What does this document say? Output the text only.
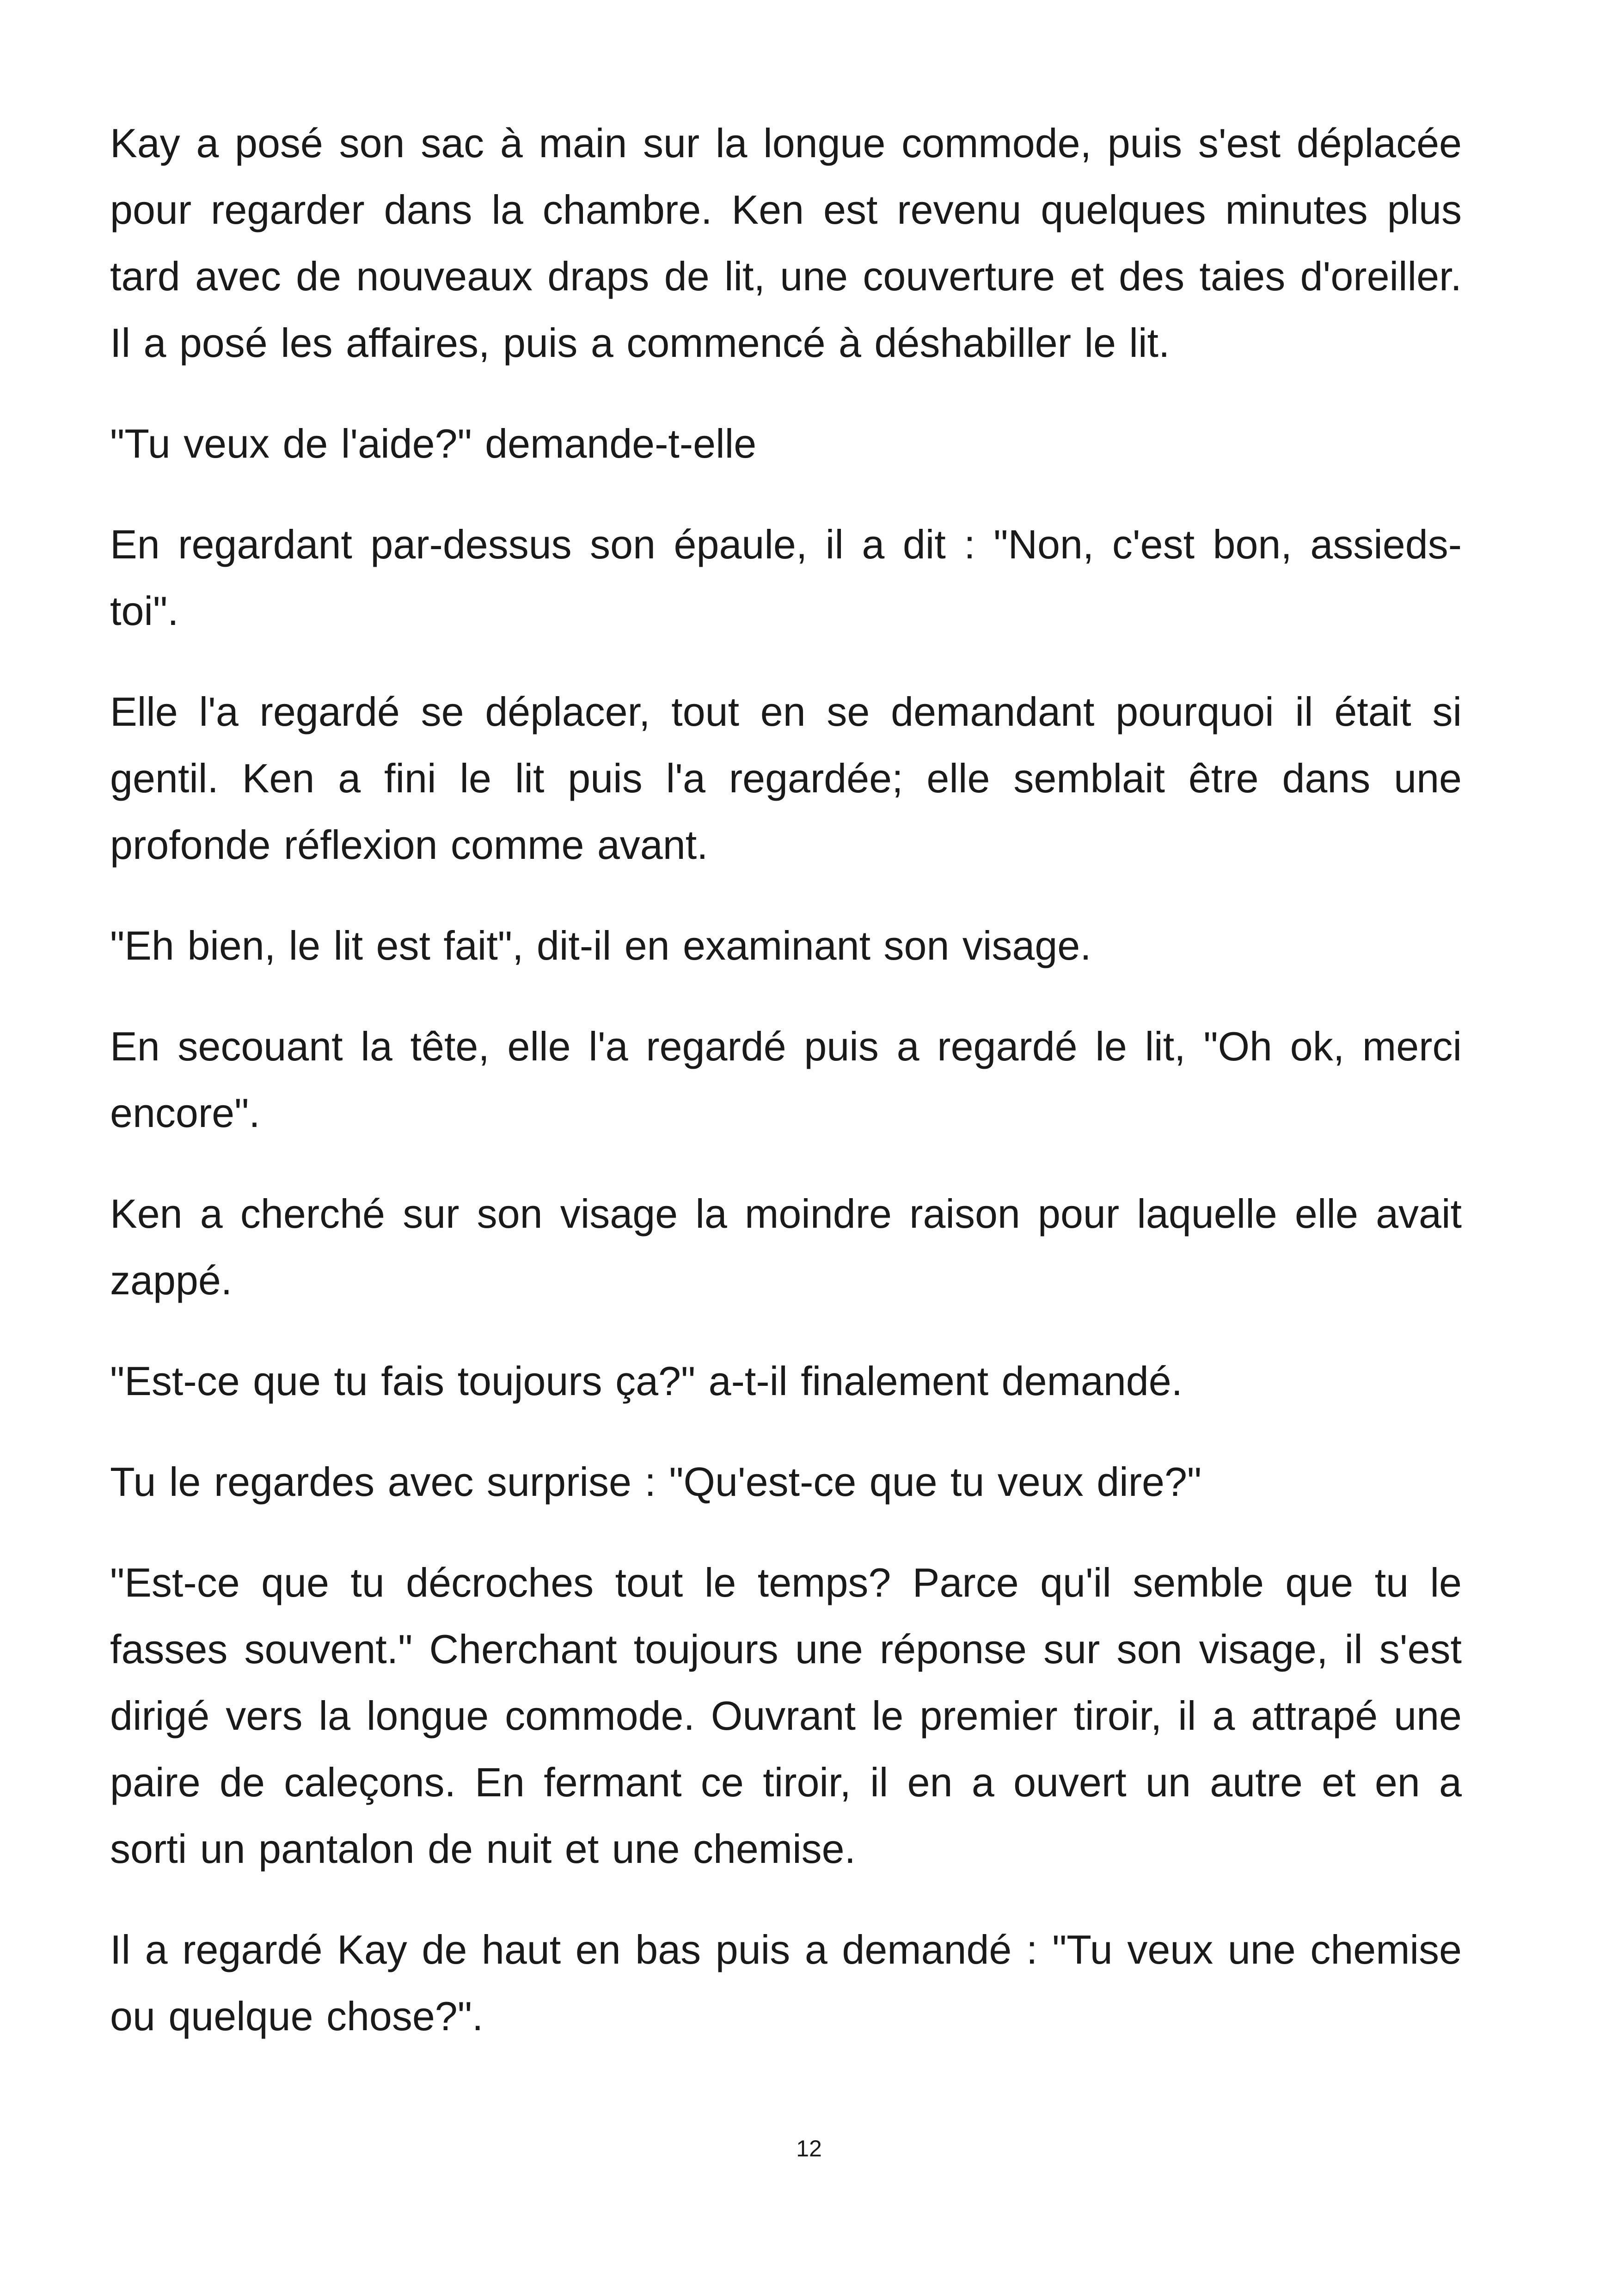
Kay a posé son sac à main sur la longue commode, puis s'est déplacée pour regarder dans la chambre. Ken est revenu quelques minutes plus tard avec de nouveaux draps de lit, une couverture et des taies d'oreiller. Il a posé les affaires, puis a commencé à déshabiller le lit.

"Tu veux de l'aide?" demande-t-elle

En regardant par-dessus son épaule, il a dit : "Non, c'est bon, assieds-toi".

Elle l'a regardé se déplacer, tout en se demandant pourquoi il était si gentil. Ken a fini le lit puis l'a regardée; elle semblait être dans une profonde réflexion comme avant.

"Eh bien, le lit est fait", dit-il en examinant son visage.

En secouant la tête, elle l'a regardé puis a regardé le lit, "Oh ok, merci encore".

Ken a cherché sur son visage la moindre raison pour laquelle elle avait zappé.

"Est-ce que tu fais toujours ça?" a-t-il finalement demandé.

Tu le regardes avec surprise : "Qu'est-ce que tu veux dire?"

"Est-ce que tu décroches tout le temps? Parce qu'il semble que tu le fasses souvent." Cherchant toujours une réponse sur son visage, il s'est dirigé vers la longue commode. Ouvrant le premier tiroir, il a attrapé une paire de caleçons. En fermant ce tiroir, il en a ouvert un autre et en a sorti un pantalon de nuit et une chemise.

Il a regardé Kay de haut en bas puis a demandé : "Tu veux une chemise ou quelque chose?".

12
